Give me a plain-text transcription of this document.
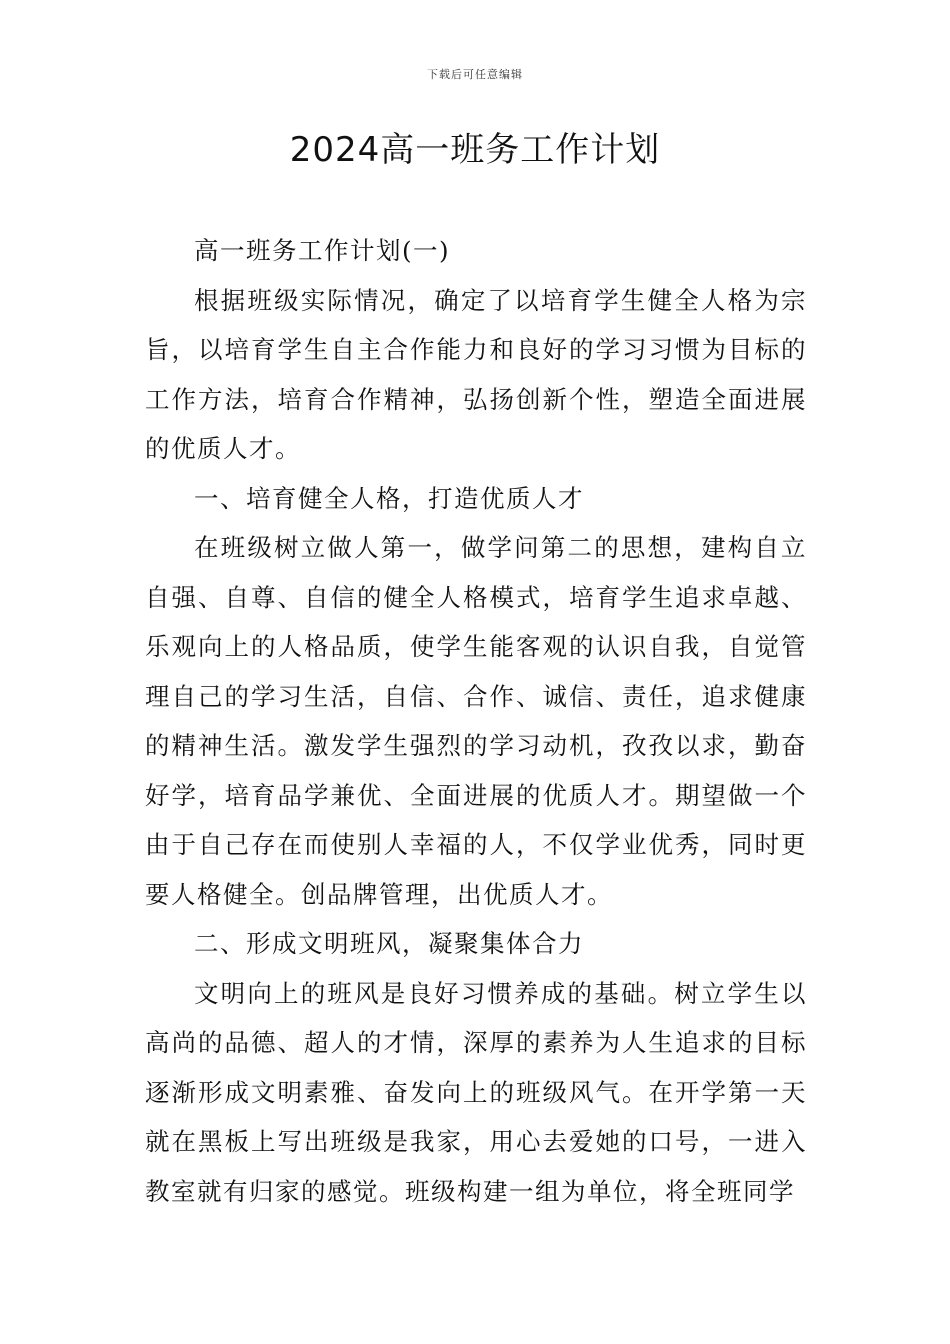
下载后可任意编辑
2024高一班务工作计划

高一班务工作计划(一)

根据班级实际情况，确定了以培育学生健全人格为宗旨，以培育学生自主合作能力和良好的学习习惯为目标的工作方法，培育合作精神，弘扬创新个性，塑造全面进展的优质人才。

一、培育健全人格，打造优质人才

在班级树立做人第一，做学问第二的思想，建构自立自强、自尊、自信的健全人格模式，培育学生追求卓越、乐观向上的人格品质，使学生能客观的认识自我，自觉管理自己的学习生活，自信、合作、诚信、责任，追求健康的精神生活。激发学生强烈的学习动机，孜孜以求，勤奋好学，培育品学兼优、全面进展的优质人才。期望做一个由于自己存在而使别人幸福的人，不仅学业优秀，同时更要人格健全。创品牌管理，出优质人才。

二、形成文明班风，凝聚集体合力

文明向上的班风是良好习惯养成的基础。树立学生以高尚的品德、超人的才情，深厚的素养为人生追求的目标逐渐形成文明素雅、奋发向上的班级风气。在开学第一天就在黑板上写出班级是我家，用心去爱她的口号，一进入教室就有归家的感觉。班级构建一组为单位，将全班同学
